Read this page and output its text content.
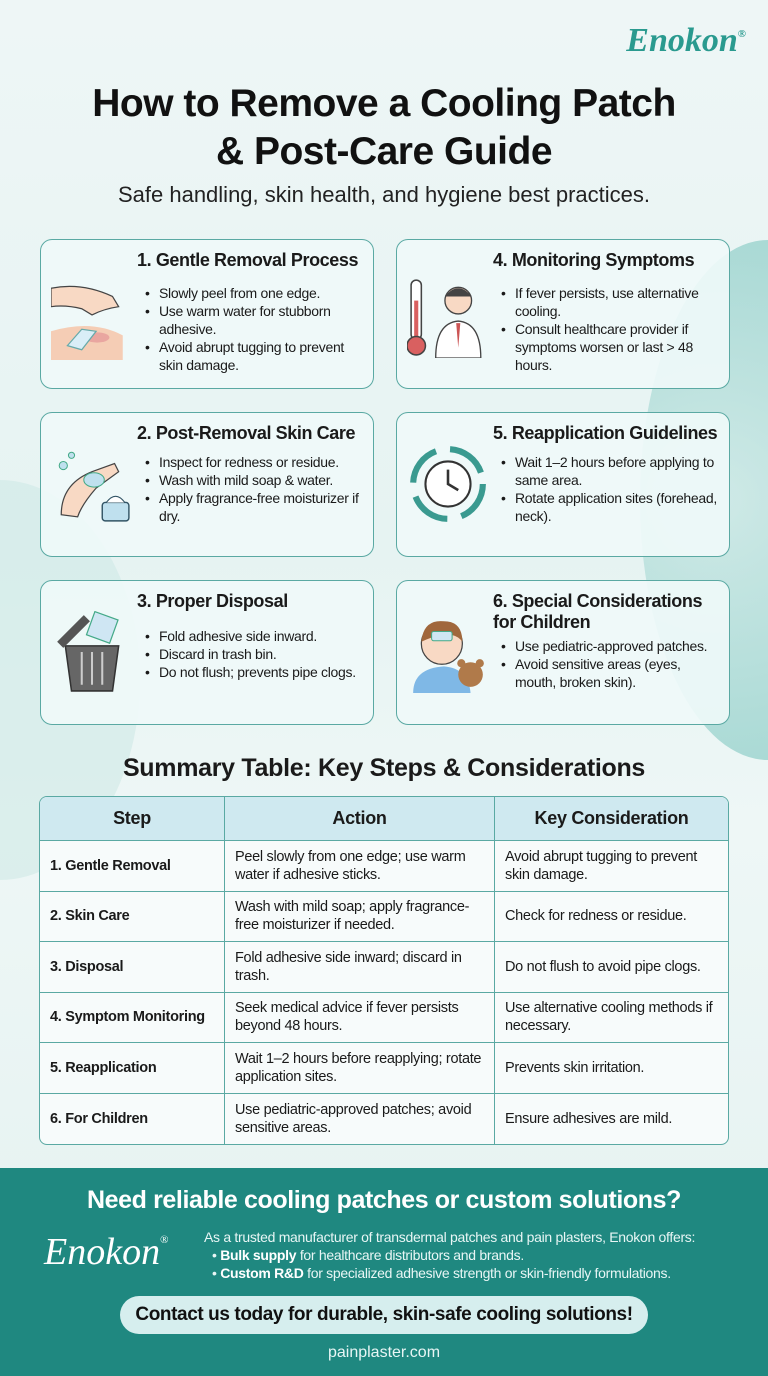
Enokon®
How to Remove a Cooling Patch
& Post-Care Guide
Safe handling, skin health, and hygiene best practices.
1. Gentle Removal Process
• Slowly peel from one edge.
• Use warm water for stubborn adhesive.
• Avoid abrupt tugging to prevent skin damage.
2. Post-Removal Skin Care
• Inspect for redness or residue.
• Wash with mild soap & water.
• Apply fragrance-free moisturizer if dry.
3. Proper Disposal
• Fold adhesive side inward.
• Discard in trash bin.
• Do not flush; prevents pipe clogs.
4. Monitoring Symptoms
• If fever persists, use alternative cooling.
• Consult healthcare provider if symptoms worsen or last > 48 hours.
5. Reapplication Guidelines
• Wait 1–2 hours before applying to same area.
• Rotate application sites (forehead, neck).
6. Special Considerations for Children
• Use pediatric-approved patches.
• Avoid sensitive areas (eyes, mouth, broken skin).
Summary Table: Key Steps & Considerations
Step	Action	Key Consideration
1. Gentle Removal	Peel slowly from one edge; use warm water if adhesive sticks.	Avoid abrupt tugging to prevent skin damage.
2. Skin Care	Wash with mild soap; apply fragrance-free moisturizer if needed.	Check for redness or residue.
3. Disposal	Fold adhesive side inward; discard in trash.	Do not flush to avoid pipe clogs.
4. Symptom Monitoring	Seek medical advice if fever persists beyond 48 hours.	Use alternative cooling methods if necessary.
5. Reapplication	Wait 1–2 hours before reapplying; rotate application sites.	Prevents skin irritation.
6. For Children	Use pediatric-approved patches; avoid sensitive areas.	Ensure adhesives are mild.
Need reliable cooling patches or custom solutions?
Enokon®	As a trusted manufacturer of transdermal patches and pain plasters, Enokon offers:
• Bulk supply for healthcare distributors and brands.
• Custom R&D for specialized adhesive strength or skin-friendly formulations.
Contact us today for durable, skin-safe cooling solutions!
painplaster.com
